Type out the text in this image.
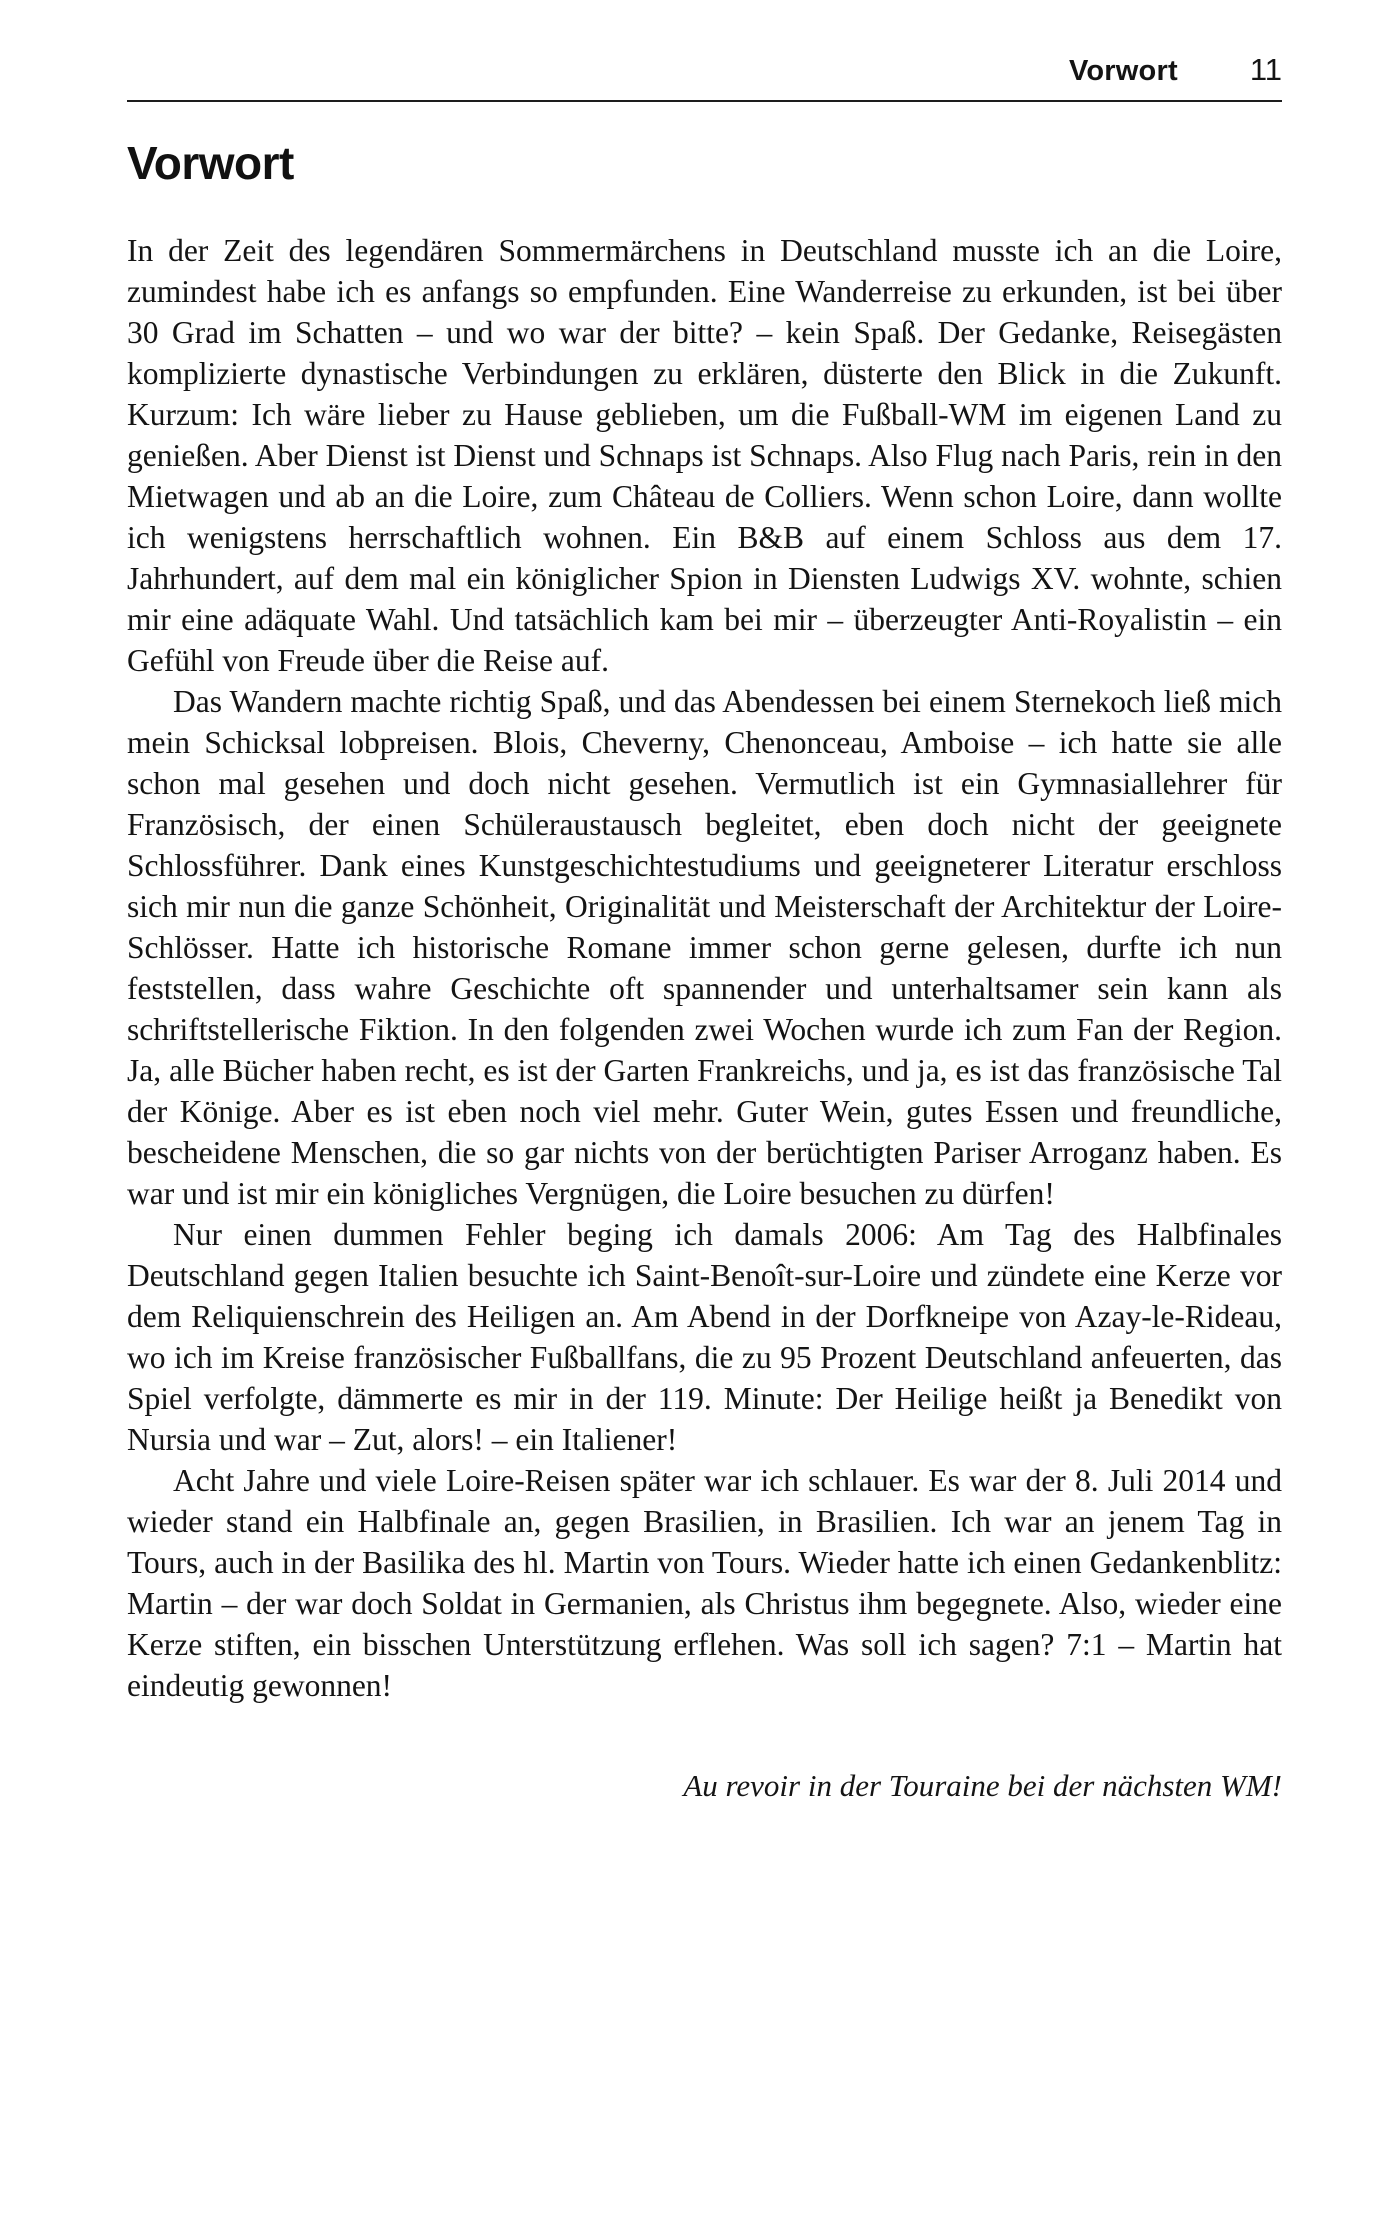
Vorwort 11
Vorwort

In der Zeit des legendären Sommermärchens in Deutschland musste ich an die Loire, zumindest habe ich es anfangs so empfunden. Eine Wanderreise zu erkunden, ist bei über 30 Grad im Schatten – und wo war der bitte? – kein Spaß. Der Gedanke, Reisegästen komplizierte dynastische Verbindungen zu erklären, düsterte den Blick in die Zukunft. Kurzum: Ich wäre lieber zu Hause geblieben, um die Fußball-WM im eigenen Land zu genießen. Aber Dienst ist Dienst und Schnaps ist Schnaps. Also Flug nach Paris, rein in den Mietwagen und ab an die Loire, zum Château de Colliers. Wenn schon Loire, dann wollte ich wenigstens herrschaftlich wohnen. Ein B&B auf einem Schloss aus dem 17. Jahrhundert, auf dem mal ein königlicher Spion in Diensten Ludwigs XV. wohnte, schien mir eine adäquate Wahl. Und tatsächlich kam bei mir – überzeugter Anti-Royalistin – ein Gefühl von Freude über die Reise auf.

Das Wandern machte richtig Spaß, und das Abendessen bei einem Sternekoch ließ mich mein Schicksal lobpreisen. Blois, Cheverny, Chenonceau, Amboise – ich hatte sie alle schon mal gesehen und doch nicht gesehen. Vermutlich ist ein Gymnasiallehrer für Französisch, der einen Schüleraustausch begleitet, eben doch nicht der geeignete Schlossführer. Dank eines Kunstgeschichtestudiums und geeigneterer Literatur erschloss sich mir nun die ganze Schönheit, Originalität und Meisterschaft der Architektur der Loire-Schlösser. Hatte ich historische Romane immer schon gerne gelesen, durfte ich nun feststellen, dass wahre Geschichte oft spannender und unterhaltsamer sein kann als schriftstellerische Fiktion. In den folgenden zwei Wochen wurde ich zum Fan der Region. Ja, alle Bücher haben recht, es ist der Garten Frankreichs, und ja, es ist das französische Tal der Könige. Aber es ist eben noch viel mehr. Guter Wein, gutes Essen und freundliche, bescheidene Menschen, die so gar nichts von der berüchtigten Pariser Arroganz haben. Es war und ist mir ein königliches Vergnügen, die Loire besuchen zu dürfen!

Nur einen dummen Fehler beging ich damals 2006: Am Tag des Halbfinales Deutschland gegen Italien besuchte ich Saint-Benoît-sur-Loire und zündete eine Kerze vor dem Reliquienschrein des Heiligen an. Am Abend in der Dorfkneipe von Azay-le-Rideau, wo ich im Kreise französischer Fußballfans, die zu 95 Prozent Deutschland anfeuerten, das Spiel verfolgte, dämmerte es mir in der 119. Minute: Der Heilige heißt ja Benedikt von Nursia und war – Zut, alors! – ein Italiener!

Acht Jahre und viele Loire-Reisen später war ich schlauer. Es war der 8. Juli 2014 und wieder stand ein Halbfinale an, gegen Brasilien, in Brasilien. Ich war an jenem Tag in Tours, auch in der Basilika des hl. Martin von Tours. Wieder hatte ich einen Gedankenblitz: Martin – der war doch Soldat in Germanien, als Christus ihm begegnete. Also, wieder eine Kerze stiften, ein bisschen Unterstützung erflehen. Was soll ich sagen? 7:1 – Martin hat eindeutig gewonnen!

Au revoir in der Touraine bei der nächsten WM!
